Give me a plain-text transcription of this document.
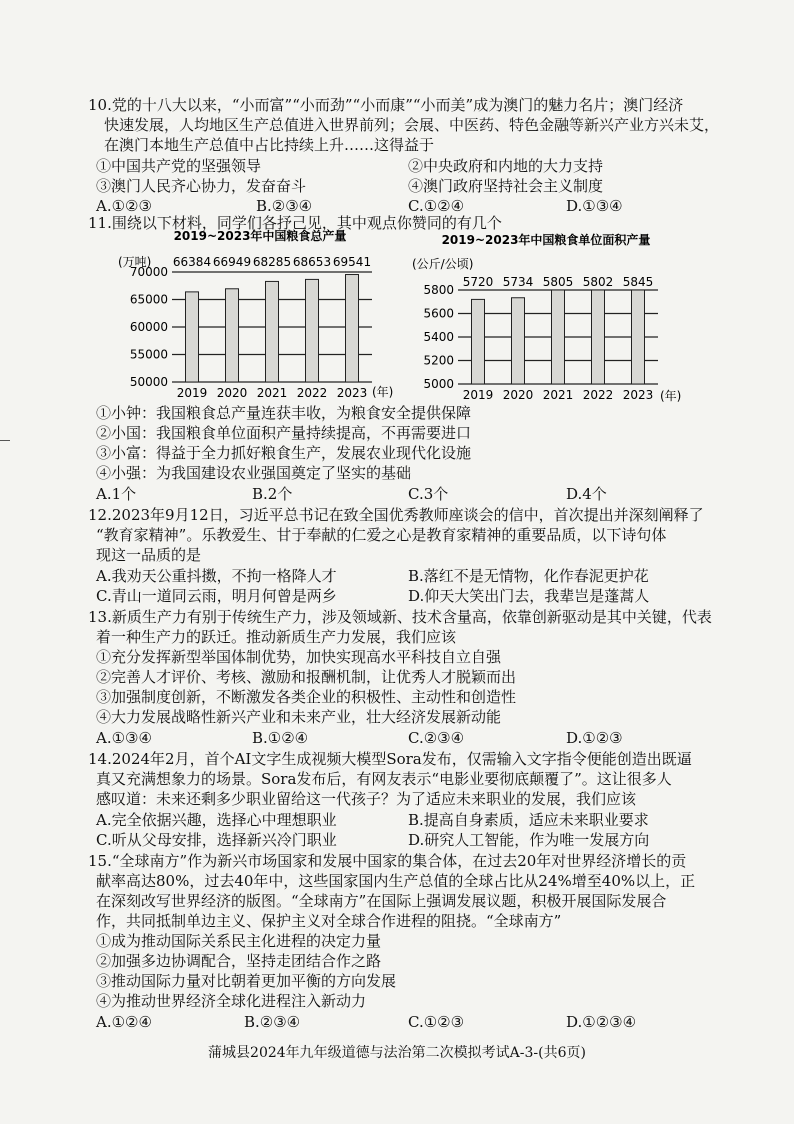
10.党的十八大以来，“小而富”“小而劲”“小而康”“小而美”成为澳门的魅力名片；澳门经济
快速发展，人均地区生产总值进入世界前列；会展、中医药、特色金融等新兴产业方兴未艾，
在澳门本地生产总值中占比持续上升……这得益于
①中国共产党的坚强领导	②中央政府和内地的大力支持
③澳门人民齐心协力，发奋奋斗	④澳门政府坚持社会主义制度
A.①②③	B.②③④	C.①②④	D.①③④
11.围绕以下材料，同学们各抒己见，其中观点你赞同的有几个
2019~2023年中国粮食总产量
(万吨)
70000
65000
60000
55000
50000
66384 66949 68285 68653 69541
2019 2020 2021 2022 2023 (年)
2019~2023年中国粮食单位面积产量
(公斤/公顷)
5800
5600
5400
5200
5000
5720 5734 5805 5802 5845
2019 2020 2021 2022 2023 (年)
①小钟：我国粮食总产量连获丰收，为粮食安全提供保障
②小国：我国粮食单位面积产量持续提高，不再需要进口
③小富：得益于全力抓好粮食生产，发展农业现代化设施
④小强：为我国建设农业强国奠定了坚实的基础
A.1个	B.2个	C.3个	D.4个
12.2023年9月12日，习近平总书记在致全国优秀教师座谈会的信中，首次提出并深刻阐释了
“教育家精神”。乐教爱生、甘于奉献的仁爱之心是教育家精神的重要品质，以下诗句体
现这一品质的是
A.我劝天公重抖擞，不拘一格降人才	B.落红不是无情物，化作春泥更护花
C.青山一道同云雨，明月何曾是两乡	D.仰天大笑出门去，我辈岂是蓬蒿人
13.新质生产力有别于传统生产力，涉及领域新、技术含量高，依靠创新驱动是其中关键，代表
着一种生产力的跃迁。推动新质生产力发展，我们应该
①充分发挥新型举国体制优势，加快实现高水平科技自立自强
②完善人才评价、考核、激励和报酬机制，让优秀人才脱颖而出
③加强制度创新，不断激发各类企业的积极性、主动性和创造性
④大力发展战略性新兴产业和未来产业，壮大经济发展新动能
A.①③④	B.①②④	C.②③④	D.①②③
14.2024年2月，首个AI文字生成视频大模型Sora发布，仅需输入文字指令便能创造出既逼
真又充满想象力的场景。Sora发布后，有网友表示“电影业要彻底颠覆了”。这让很多人
感叹道：未来还剩多少职业留给这一代孩子？为了适应未来职业的发展，我们应该
A.完全依据兴趣，选择心中理想职业	B.提高自身素质，适应未来职业要求
C.听从父母安排，选择新兴冷门职业	D.研究人工智能，作为唯一发展方向
15.“全球南方”作为新兴市场国家和发展中国家的集合体，在过去20年对世界经济增长的贡
献率高达80%，过去40年中，这些国家国内生产总值的全球占比从24%增至40%以上，正
在深刻改写世界经济的版图。“全球南方”在国际上强调发展议题，积极开展国际发展合
作，共同抵制单边主义、保护主义对全球合作进程的阻挠。“全球南方”
①成为推动国际关系民主化进程的决定力量
②加强多边协调配合，坚持走团结合作之路
③推动国际力量对比朝着更加平衡的方向发展
④为推动世界经济全球化进程注入新动力
A.①②④	B.②③④	C.①②③	D.①②③④
蒲城县2024年九年级道德与法治第二次模拟考试A-3-(共6页)
